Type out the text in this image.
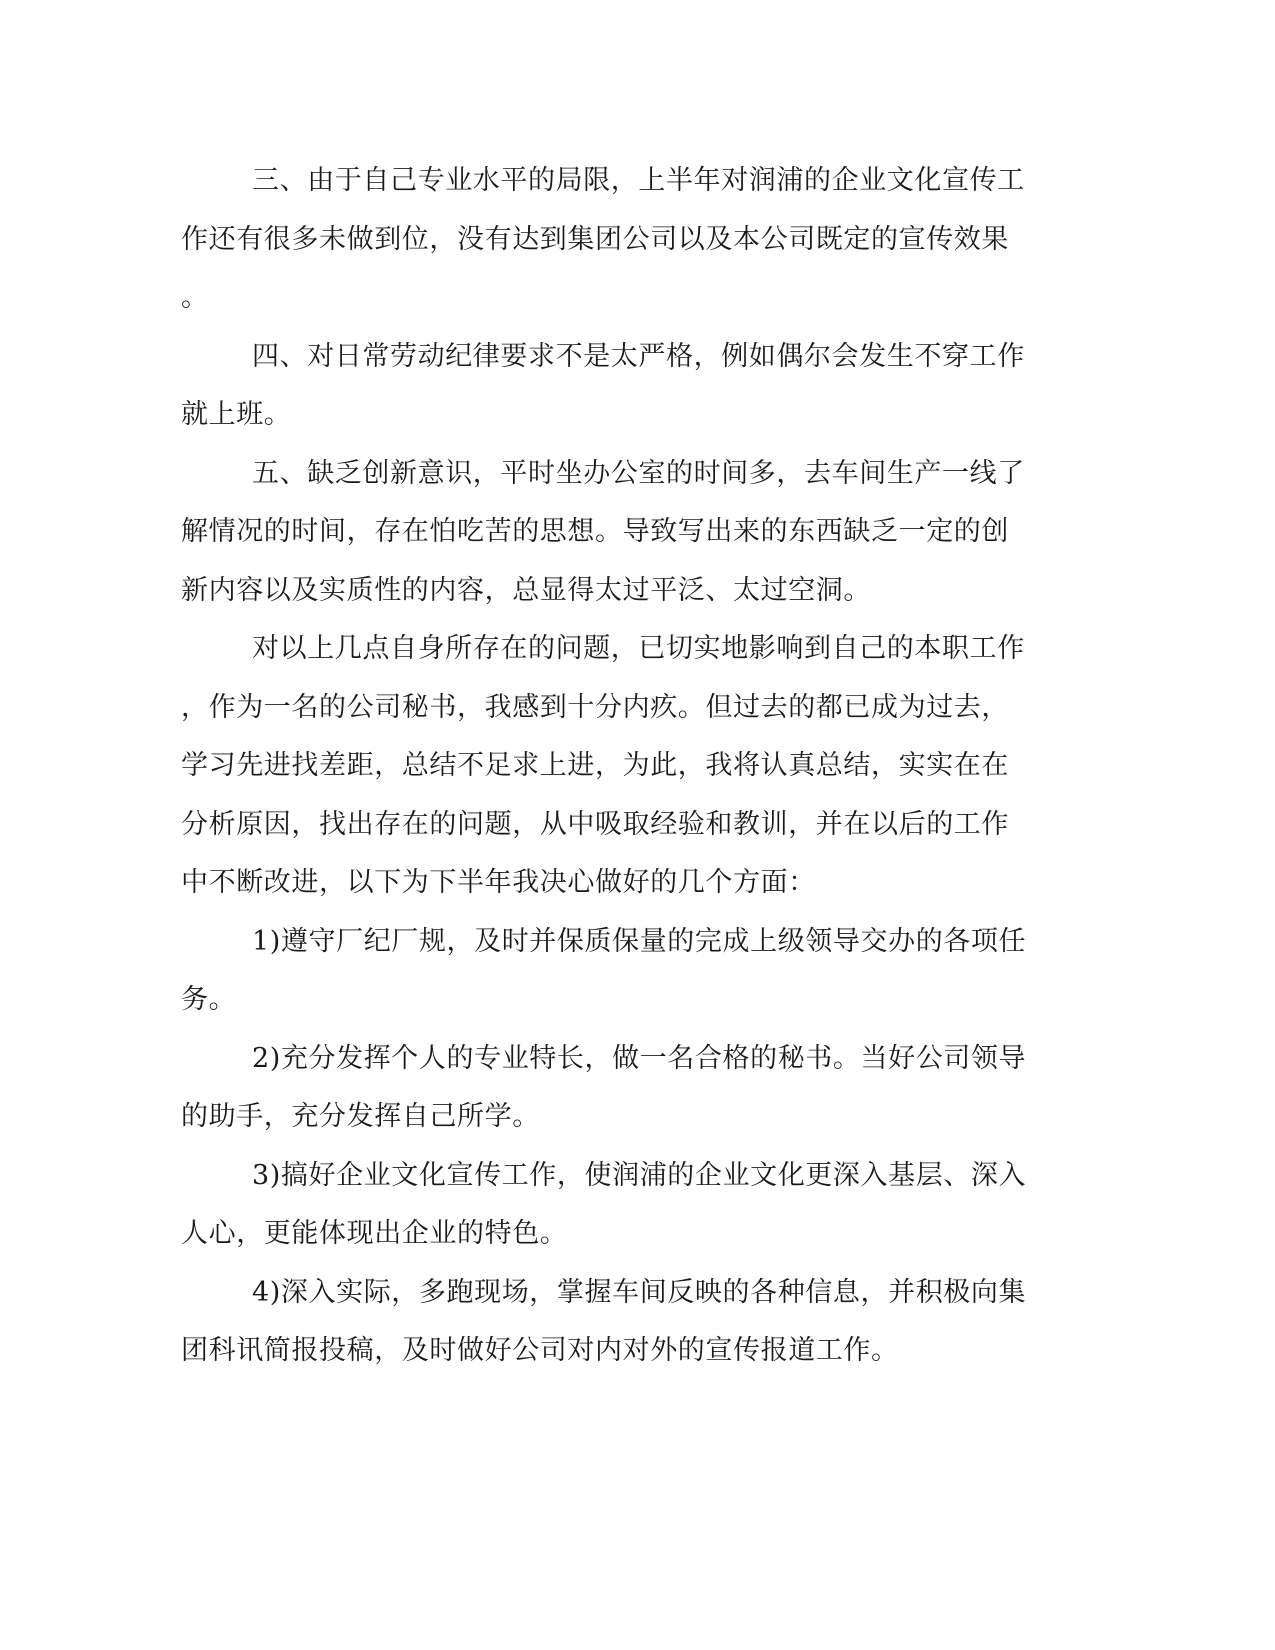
三、由于自己专业水平的局限，上半年对润浦的企业文化宣传工

作还有很多未做到位，没有达到集团公司以及本公司既定的宣传效果

。

四、对日常劳动纪律要求不是太严格，例如偶尔会发生不穿工作

就上班。

五、缺乏创新意识，平时坐办公室的时间多，去车间生产一线了

解情况的时间，存在怕吃苦的思想。导致写出来的东西缺乏一定的创

新内容以及实质性的内容，总显得太过平泛、太过空洞。

对以上几点自身所存在的问题，已切实地影响到自己的本职工作

，作为一名的公司秘书，我感到十分内疚。但过去的都已成为过去，

学习先进找差距，总结不足求上进，为此，我将认真总结，实实在在

分析原因，找出存在的问题，从中吸取经验和教训，并在以后的工作

中不断改进，以下为下半年我决心做好的几个方面：

1)遵守厂纪厂规，及时并保质保量的完成上级领导交办的各项任

务。

2)充分发挥个人的专业特长，做一名合格的秘书。当好公司领导

的助手，充分发挥自己所学。

3)搞好企业文化宣传工作，使润浦的企业文化更深入基层、深入

人心，更能体现出企业的特色。

4)深入实际，多跑现场，掌握车间反映的各种信息，并积极向集

团科讯简报投稿，及时做好公司对内对外的宣传报道工作。
